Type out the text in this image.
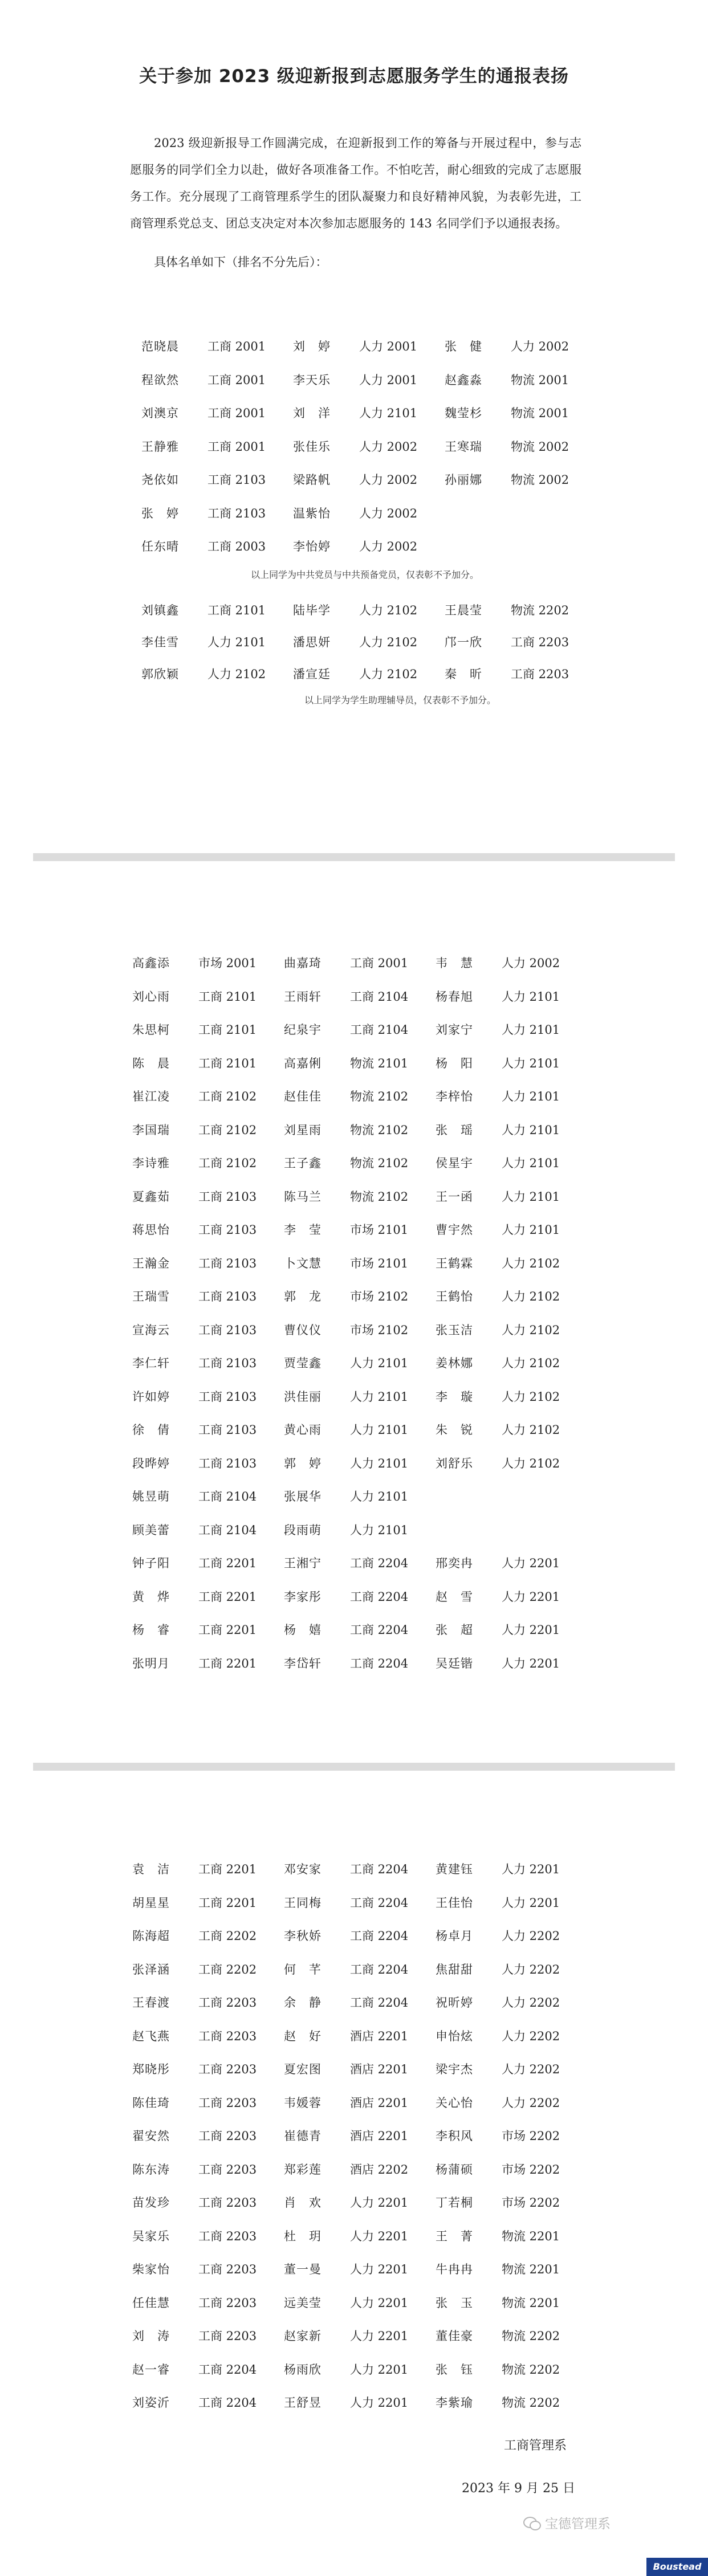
关于参加 2023 级迎新报到志愿服务学生的通报表扬

2023 级迎新报导工作圆满完成，在迎新报到工作的筹备与开展过程中，参与志愿服务的同学们全力以赴，做好各项准备工作。不怕吃苦，耐心细致的完成了志愿服务工作。充分展现了工商管理系学生的团队凝聚力和良好精神风貌，为表彰先进，工商管理系党总支、团总支决定对本次参加志愿服务的 143 名同学们予以通报表扬。

具体名单如下（排名不分先后）：
范晓晨	工商 2001	刘　婷	人力 2001	张　健	人力 2002
程欲然	工商 2001	李天乐	人力 2001	赵鑫淼	物流 2001
刘澳京	工商 2001	刘　洋	人力 2101	魏莹杉	物流 2001
王静雅	工商 2001	张佳乐	人力 2002	王寒瑞	物流 2002
尧依如	工商 2103	梁路帆	人力 2002	孙丽娜	物流 2002
张　婷	工商 2103	温紫怡	人力 2002
任东晴	工商 2003	李怡婷	人力 2002
以上同学为中共党员与中共预备党员，仅表彰不予加分。
刘镇鑫	工商 2101	陆毕学	人力 2102	王晨莹	物流 2202
李佳雪	人力 2101	潘思妍	人力 2102	邝一欣	工商 2203
郭欣颖	人力 2102	潘宣廷	人力 2102	秦　昕	工商 2203
以上同学为学生助理辅导员，仅表彰不予加分。
高鑫添	市场 2001	曲嘉琦	工商 2001	韦　慧	人力 2002
刘心雨	工商 2101	王雨轩	工商 2104	杨春旭	人力 2101
朱思柯	工商 2101	纪泉宇	工商 2104	刘家宁	人力 2101
陈　晨	工商 2101	高嘉俐	物流 2101	杨　阳	人力 2101
崔江凌	工商 2102	赵佳佳	物流 2102	李梓怡	人力 2101
李国瑞	工商 2102	刘星雨	物流 2102	张　瑶	人力 2101
李诗雅	工商 2102	王子鑫	物流 2102	侯星宇	人力 2101
夏鑫茹	工商 2103	陈马兰	物流 2102	王一函	人力 2101
蒋思怡	工商 2103	李　莹	市场 2101	曹宇然	人力 2101
王瀚金	工商 2103	卜文慧	市场 2101	王鹤霖	人力 2102
王瑞雪	工商 2103	郭　龙	市场 2102	王鹤怡	人力 2102
宣海云	工商 2103	曹仪仪	市场 2102	张玉洁	人力 2102
李仁轩	工商 2103	贾莹鑫	人力 2101	姜林娜	人力 2102
许如婷	工商 2103	洪佳丽	人力 2101	李　璇	人力 2102
徐　倩	工商 2103	黄心雨	人力 2101	朱　锐	人力 2102
段晔婷	工商 2103	郭　婷	人力 2101	刘舒乐	人力 2102
姚昱萌	工商 2104	张展华	人力 2101
顾美蕾	工商 2104	段雨萌	人力 2101
钟子阳	工商 2201	王湘宁	工商 2204	邢奕冉	人力 2201
黄　烨	工商 2201	李家彤	工商 2204	赵　雪	人力 2201
杨　睿	工商 2201	杨　嬉	工商 2204	张　超	人力 2201
张明月	工商 2201	李岱轩	工商 2204	吴廷锴	人力 2201
袁　洁	工商 2201	邓安家	工商 2204	黄建钰	人力 2201
胡星星	工商 2201	王同梅	工商 2204	王佳怡	人力 2201
陈海超	工商 2202	李秋娇	工商 2204	杨卓月	人力 2202
张泽涵	工商 2202	何　芊	工商 2204	焦甜甜	人力 2202
王春渡	工商 2203	余　静	工商 2204	祝昕婷	人力 2202
赵飞燕	工商 2203	赵　好	酒店 2201	申怡炫	人力 2202
郑晓彤	工商 2203	夏宏图	酒店 2201	梁宇杰	人力 2202
陈佳琦	工商 2203	韦媛蓉	酒店 2201	关心怡	人力 2202
翟安然	工商 2203	崔德青	酒店 2201	李积风	市场 2202
陈东涛	工商 2203	郑彩莲	酒店 2202	杨蒲硕	市场 2202
苗发珍	工商 2203	肖　欢	人力 2201	丁若桐	市场 2202
吴家乐	工商 2203	杜　玥	人力 2201	王　菁	物流 2201
柴家怡	工商 2203	董一曼	人力 2201	牛冉冉	物流 2201
任佳慧	工商 2203	远美莹	人力 2201	张　玉	物流 2201
刘　涛	工商 2203	赵家新	人力 2201	董佳豪	物流 2202
赵一睿	工商 2204	杨雨欣	人力 2201	张　钰	物流 2202
刘姿沂	工商 2204	王舒昱	人力 2201	李紫瑜	物流 2202
工商管理系
2023 年 9 月 25 日
宝德管理系
Boustead
